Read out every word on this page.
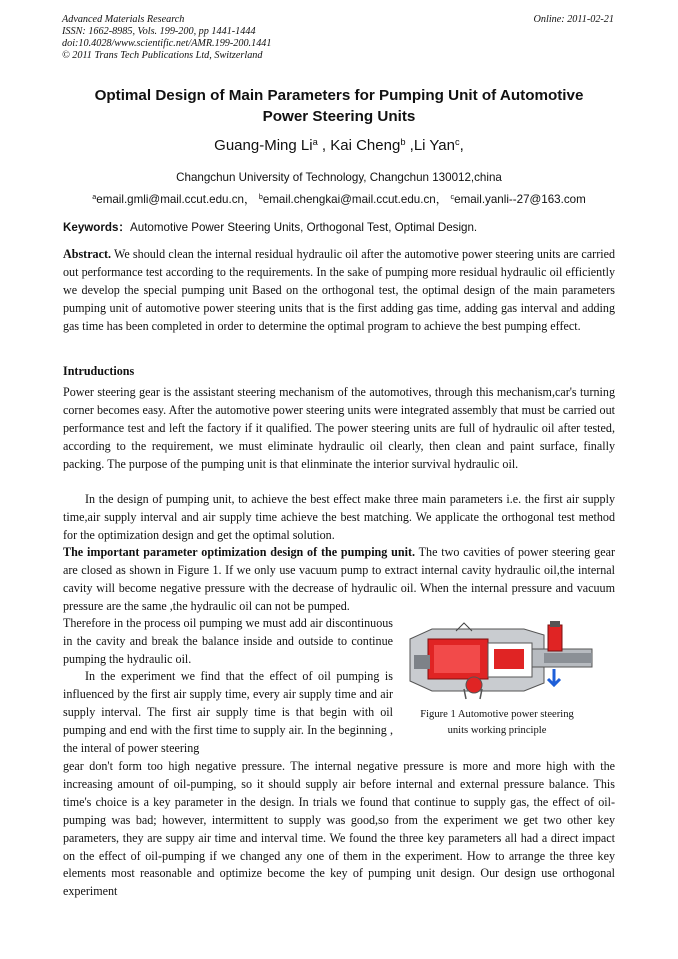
Advanced Materials Research
ISSN: 1662-8985, Vols. 199-200, pp 1441-1444
doi:10.4028/www.scientific.net/AMR.199-200.1441
© 2011 Trans Tech Publications Ltd, Switzerland
Online: 2011-02-21
Optimal Design of Main Parameters for Pumping Unit of Automotive
Power Steering Units
Guang-Ming Li$^a$ , Kai Cheng$^b$ ,Li Yan$^c$,
Changchun University of Technology, Changchun 130012,china
$^a$email.gmli@mail.ccut.edu.cn， $^b$email.chengkai@mail.ccut.edu.cn， $^c$email.yanli--27@163.com
Keywords：Automotive Power Steering Units, Orthogonal Test, Optimal Design.
Abstract. We should clean the internal residual hydraulic oil after the automotive power steering units are carried out performance test according to the requirements. In the sake of pumping more residual hydraulic oil efficiently we develop the special pumping unit Based on the orthogonal test, the optimal design of the main parameters pumping unit of automotive power steering units that is the first adding gas time, adding gas interval and adding gas time has been completed in order to determine the optimal program to achieve the best pumping effect.
Intruductions
Power steering gear is the assistant steering mechanism of the automotives, through this mechanism,car's turning corner becomes easy. After the automotive power steering units were integrated assembly that must be carried out performance test and left the factory if it qualified. The power steering units are full of hydraulic oil after tested, according to the requirement, we must eliminate hydraulic oil clearly, then clean and paint surface, finally packing. The purpose of the pumping unit is that elinminate the interior survival hydraulic oil.
In the design of pumping unit, to achieve the best effect make three main parameters i.e. the first air supply time,air supply interval and air supply time achieve the best matching. We applicate the orthogonal test method for the optimization design and get the optimal solution.
The important parameter optimization design of the pumping unit. The two cavities of power steering gear are closed as shown in Figure 1. If we only use vacuum pump to extract internal cavity hydraulic oil,the internal cavity will become negative pressure with the decrease of hydraulic oil. When the internal pressure and vacuum pressure are the same ,the hydraulic oil can not be pumped.
Therefore in the process oil pumping we must add air discontinuous in the cavity and break the balance inside and outside to continue pumping the hydraulic oil.
In the experiment we find that the effect of oil pumping is influenced by the first air supply time, every air supply time and air supply interval. The first air supply time is that begin with oil pumping and end with the first time to supply air. In the beginning , the interal of power steering
gear don't form too high negative pressure. The internal negative pressure is more and more high with the increasing amount of oil-pumping, so it should supply air before internal and external pressure balance. This time's choice is a key parameter in the design. In trials we found that continue to supply gas, the effect of oil-pumping was bad; however, intermittent to supply was good,so from the experiment we get two other key parameters, they are suppy air time and interval time. We found the three key parameters all had a direct impact on the effect of oil-pumping if we changed any one of them in the experiment. How to arrange the three key elements most reasonable and optimize become the key of pumping unit design. Our design use orthogonal experiment
Figure 1 Automotive power steering
units working principle
